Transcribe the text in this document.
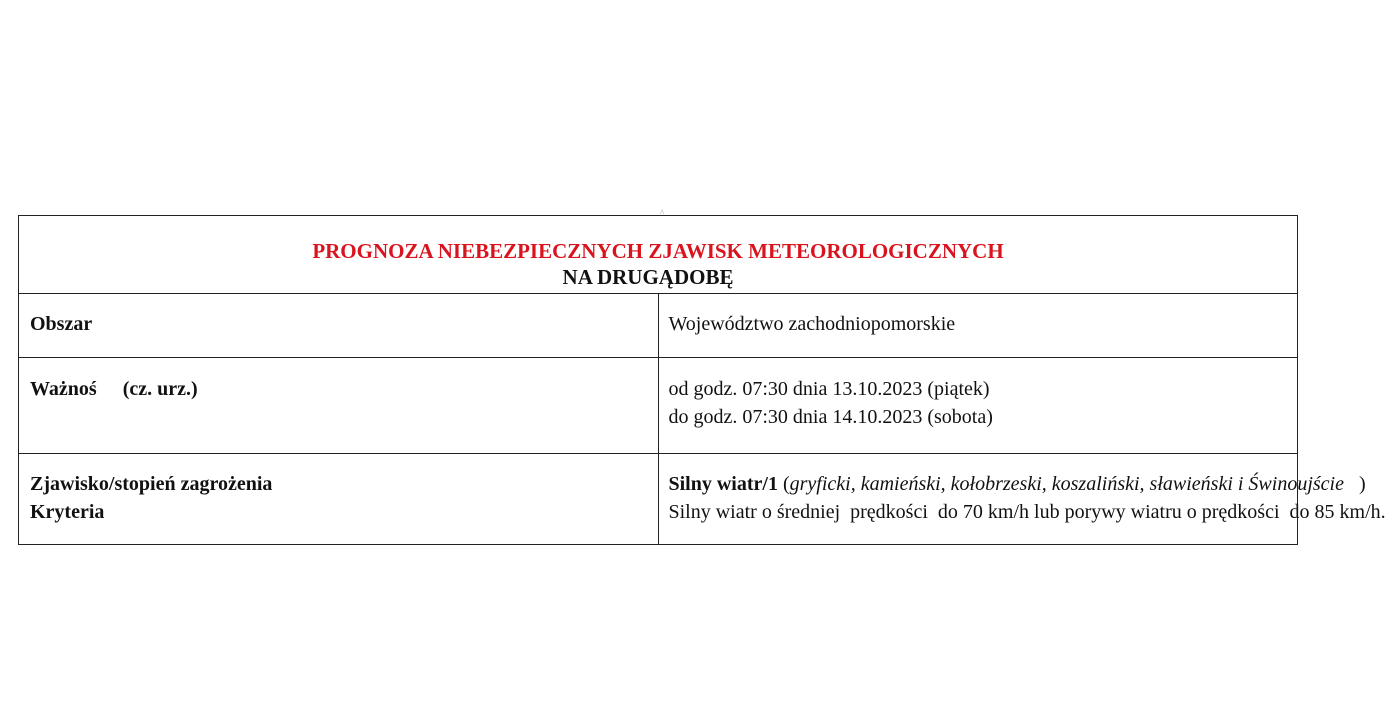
^
PROGNOZA NIEBEZPIECZNYCH ZJAWISK METEOROLOGICZNYCH
NA DRUGĄDOBĘ	

Obszar	Województwo zachodniopomorskie
Ważnoś (cz. urz.)	od godz. 07:30 dnia 13.10.2023 (piątek)
do godz. 07:30 dnia 14.10.2023 (sobota)

Zjawisko/stopień zagrożenia
Kryteria	Silny wiatr/1 (gryficki, kamieński, kołobrzeski, koszaliński, sławieński i Świnoujście   )
Silny wiatr o średniej  prędkości  do 70 km/h lub porywy wiatru o prędkości  do 85 km/h.
